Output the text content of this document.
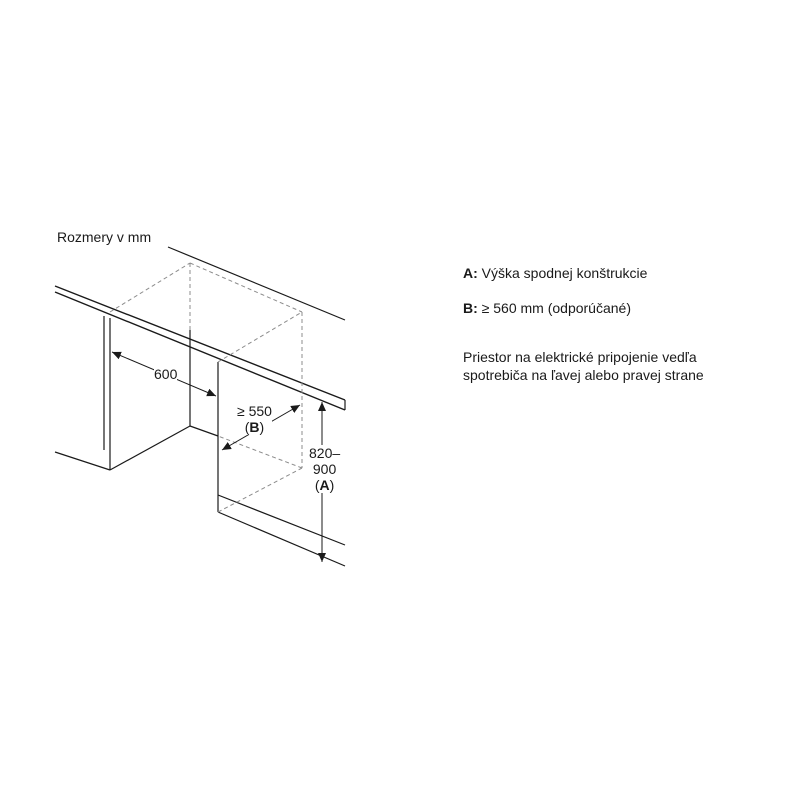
Rozmery v mm
600
≥ 550
(B)
820–
900
(A)
A: Výška spodnej konštrukcie
B: ≥ 560 mm (odporúčané)
Priestor na elektrické pripojenie vedľa spotrebiča na ľavej alebo pravej strane
